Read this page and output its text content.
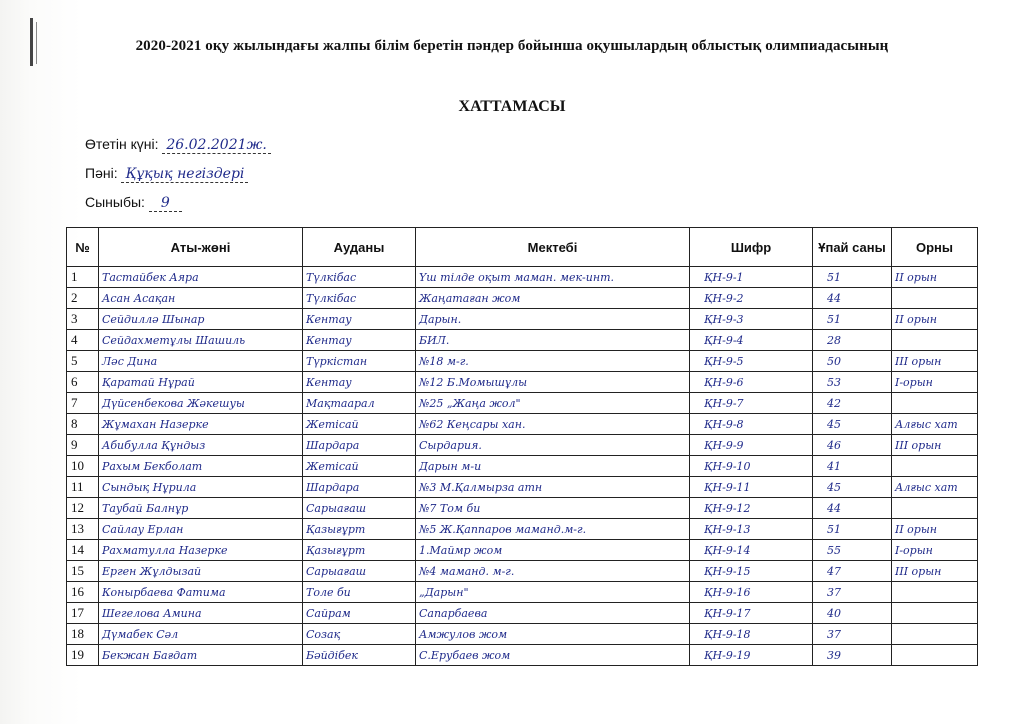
2020-2021 оқу жылындағы жалпы білім беретін пәндер бойынша оқушылардың облыстық олимпиадасының
ХАТТАМАСЫ
Өтетін күні: 26.02.2021ж.
Пәні: Құқық негіздері
Сыныбы: 9
№	Аты-жөні	Ауданы	Мектебі	Шифр	Ұпай саны	Орны
1	Тастайбек Аяра	Түлкібас	Үш тілде оқыт маман. мек-инт.	ҚН-9-1	51	II орын
2	Асан Асақан	Түлкібас	Жаңатаған жом	ҚН-9-2	44	
3	Сейдиллә Шынар	Кентау	Дарын.	ҚН-9-3	51	II орын
4	Сейдахметұлы Шашиль	Кентау	БИЛ.	ҚН-9-4	28	
5	Ләс Дина	Түркістан	№18 м-г.	ҚН-9-5	50	III орын
6	Қаратай Нұрай	Кентау	№12 Б.Момышұлы	ҚН-9-6	53	I-орын
7	Дүйсенбекова Жәкешуы	Мақтаарал	№25 „Жаңа жол"	ҚН-9-7	42	
8	Жұмахан Назерке	Жетісай	№62 Кеңсары хан.	ҚН-9-8	45	Алғыс хат
9	Абибулла Құндыз	Шардара	Сырдария.	ҚН-9-9	46	III орын
10	Рахым Бекболат	Жетісай	Дарын м-и	ҚН-9-10	41	
11	Сындық Нұрила	Шардара	№3 М.Қалмырза атн	ҚН-9-11	45	Алғыс хат
12	Таубай Балнұр	Сарыағаш	№7 Том би	ҚН-9-12	44	
13	Сайлау Ерлан	Қазығұрт	№5 Ж.Қаппаров маманд.м-г.	ҚН-9-13	51	II орын
14	Рахматулла Назерке	Қазығұрт	1.Маймр жом	ҚН-9-14	55	I-орын
15	Ерген Жұлдызай	Сарыағаш	№4 маманд. м-г.	ҚН-9-15	47	III орын
16	Конырбаева Фатима	Толе би	„Дарын"	ҚН-9-16	37	
17	Шегелова Амина	Сайрам	Сапарбаева	ҚН-9-17	40	
18	Дүмабек Сәл	Созақ	Амжулов жом	ҚН-9-18	37	
19	Бекжан Бағдат	Бәйдібек	С.Ерубаев жом	ҚН-9-19	39	
